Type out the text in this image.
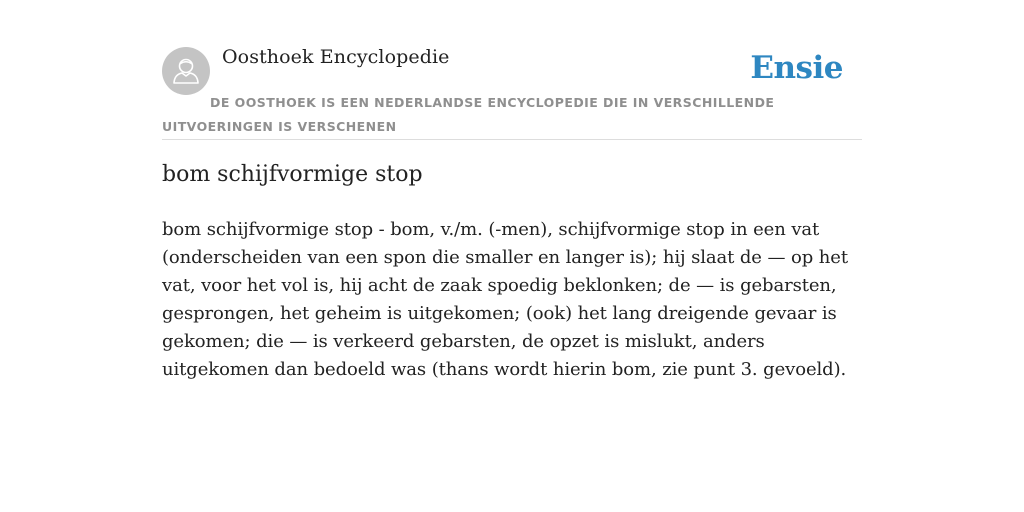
Oosthoek Encyclopedie	Ensie
DE OOSTHOEK IS EEN NEDERLANDSE ENCYCLOPEDIE DIE IN VERSCHILLENDE UITVOERINGEN IS VERSCHENEN
bom schijfvormige stop

bom schijfvormige stop - bom, v./m. (-men), schijfvormige stop in een vat (onderscheiden van een spon die smaller en langer is); hij slaat de — op het vat, voor het vol is, hij acht de zaak spoedig beklonken; de — is gebarsten, gesprongen, het geheim is uitgekomen; (ook) het lang dreigende gevaar is gekomen; die — is verkeerd gebarsten, de opzet is mislukt, anders uitgekomen dan bedoeld was (thans wordt hierin bom, zie punt 3. gevoeld).
